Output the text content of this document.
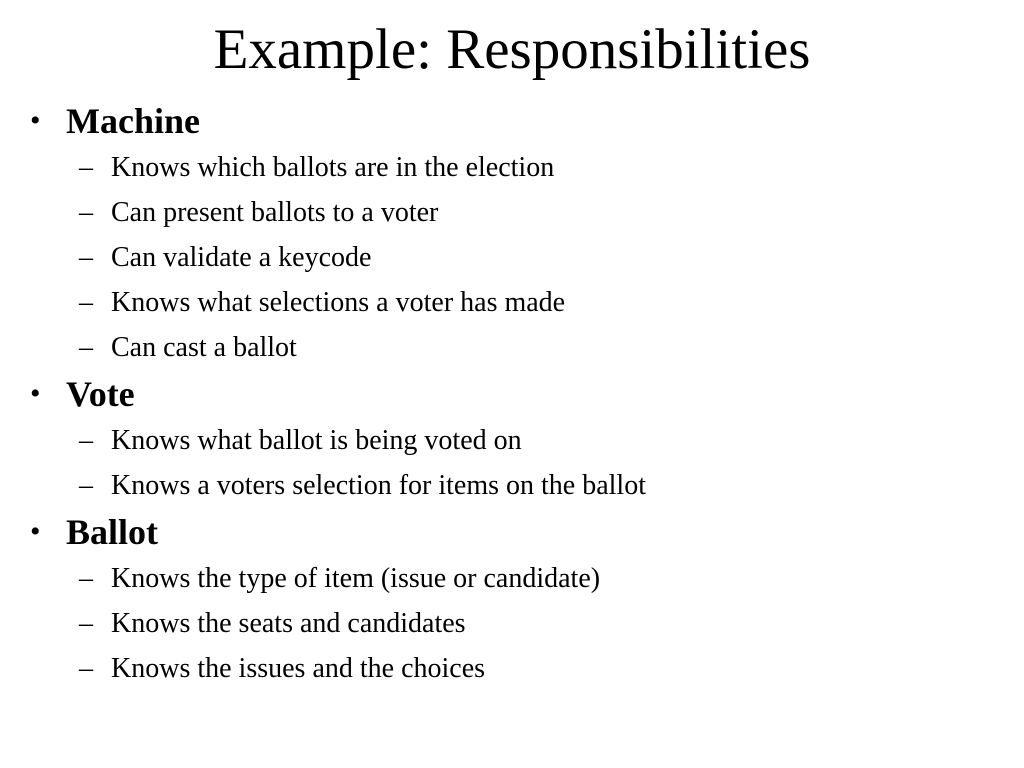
Example: Responsibilities
• Machine
– Knows which ballots are in the election
– Can present ballots to a voter
– Can validate a keycode
– Knows what selections a voter has made
– Can cast a ballot
• Vote
– Knows what ballot is being voted on
– Knows a voters selection for items on the ballot
• Ballot
– Knows the type of item (issue or candidate)
– Knows the seats and candidates
– Knows the issues and the choices
